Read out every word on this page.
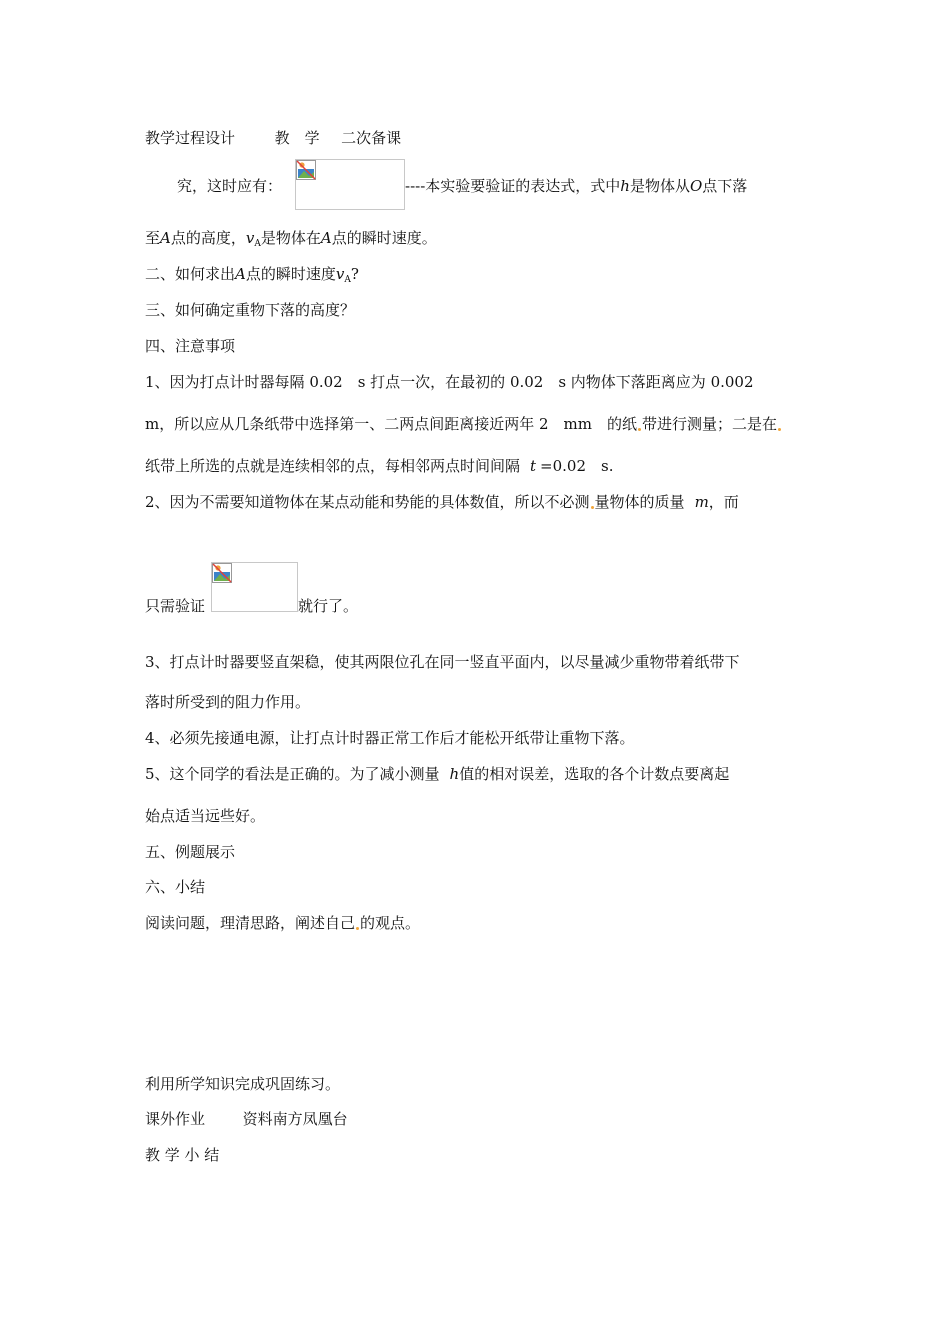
教学过程设计	教　学 二次备课
究，这时应有：	----本实验要验证的表达式，式中h是物体从O点下落
至A点的高度，$v_A$是物体在A点的瞬时速度。
二、如何求出A点的瞬时速度$v_A$?
三、如何确定重物下落的高度？
四、注意事项
1、因为打点计时器每隔 0.02　s 打点一次，在最初的 0.02　s 内物体下落距离应为 0.002
m，所以应从几条纸带中选择第一、二两点间距离接近两年 2　mm　的纸 带进行测量；二是在
纸带上所选的点就是连续相邻的点，每相邻两点时间间隔 t =0.02　s.
2、因为不需要知道物体在某点动能和势能的具体数值，所以不必测 量物体的质量 m，而
只需验证	就行了。
3、打点计时器要竖直架稳，使其两限位孔在同一竖直平面内，以尽量减少重物带着纸带下
落时所受到的阻力作用。
4、必须先接通电源，让打点计时器正常工作后才能松开纸带让重物下落。
5、这个同学的看法是正确的。为了减小测量 h值的相对误差，选取的各个计数点要离起
始点适当远些好。
五、例题展示
六、小结
阅读问题，理清思路，阐述自己 的观点。
利用所学知识完成巩固练习。
课外作业	资料南方凤凰台
教 学 小 结
